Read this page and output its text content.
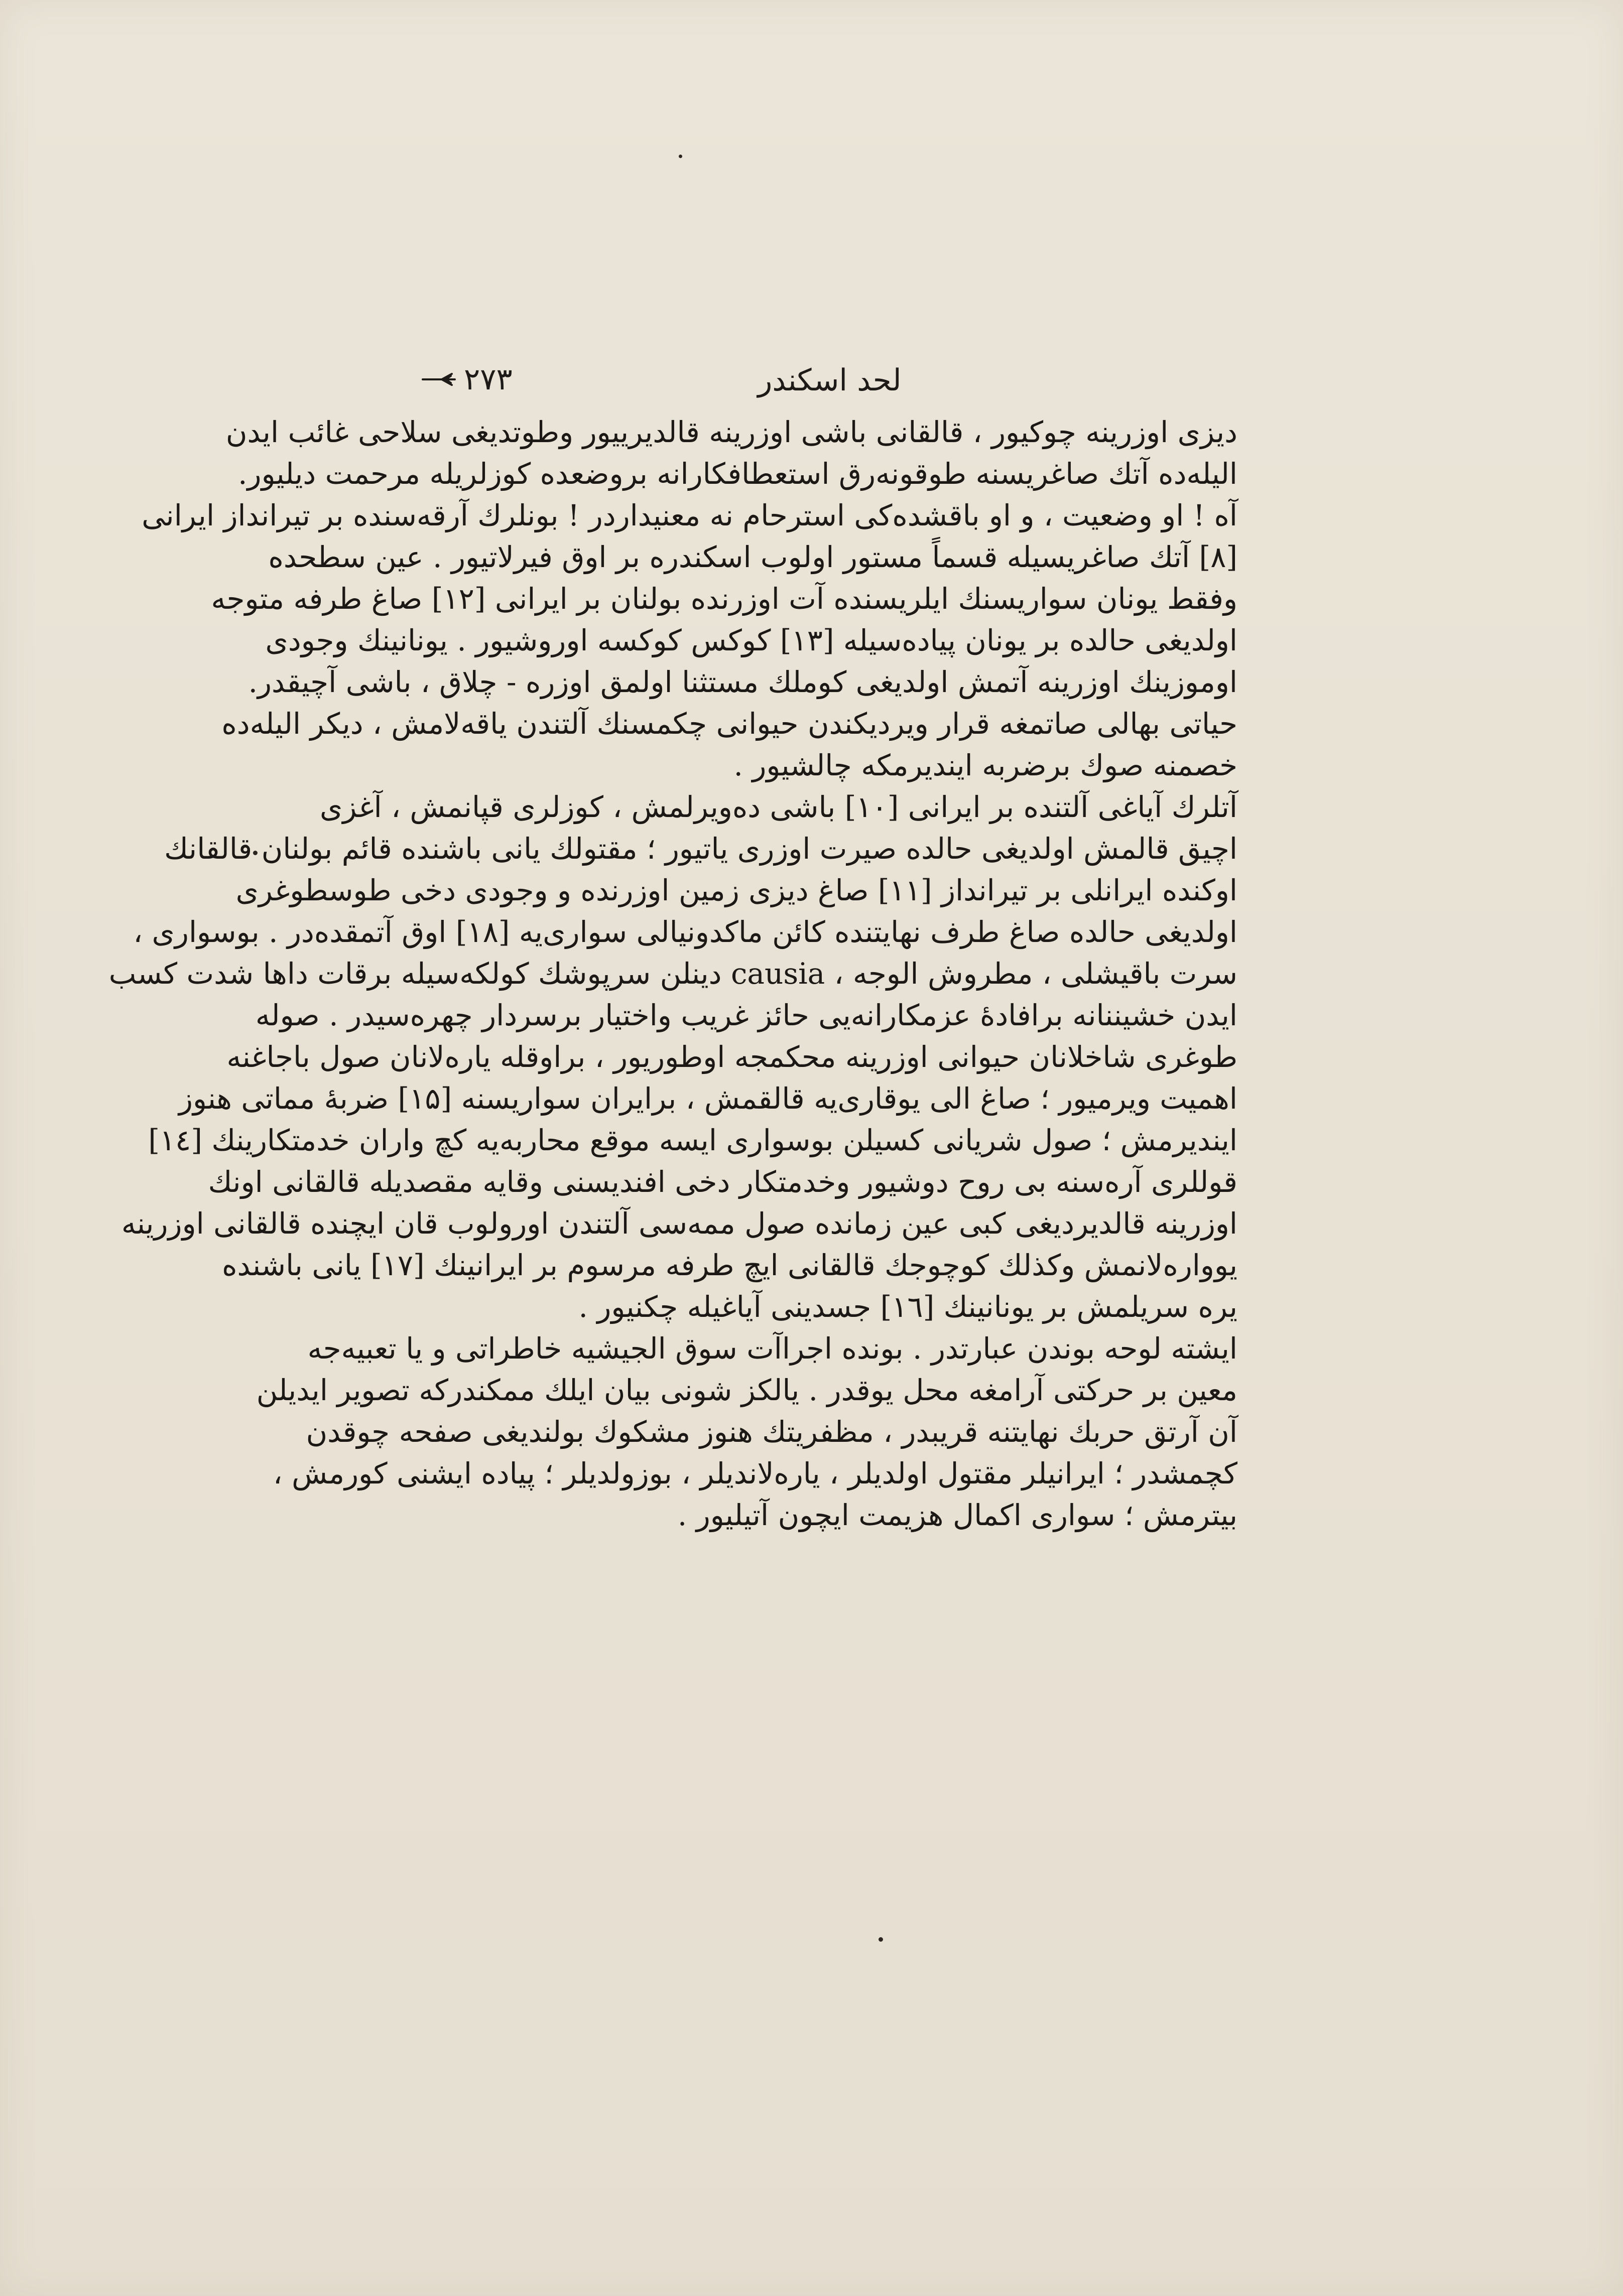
۲۷۳	لحد اسكندر
دیزی اوزرینه چوکیور ، قالقانی باشی اوزرینه قالدیرییور وطوتدیغی سلاحی غائب ایدن
الیله‌ده آتك صاغریسنه طوقونه‌رق استعطافكارانه بروضعده كوزلریله مرحمت دیلیور.
آه ! او وضعیت ، و او باقشده‌كی استرحام نه معنیداردر ! بونلرك آرقه‌سنده بر تیرانداز ایرانی
[۸] آتك صاغریسیله قسماً مستور اولوب اسكندره بر اوق فیرلاتیور . عین سطحده
وفقط یونان سواریسنك ایلریسنده آت اوزرنده بولنان بر ایرانی [۱۲] صاغ طرفه متوجه
اولدیغی حالده بر یونان پیاده‌سیله [۱۳] كوكس كوكسه اوروشیور . یونانینك وجودی
اوموزینك اوزرینه آتمش اولدیغی كوملك مستثنا اولمق اوزره - چلاق ، باشی آچیقدر.
حیاتی بهالی صاتمغه قرار ویردیكندن حیوانی چكمسنك آلتندن یاقه‌لامش ، دیكر الیله‌ده
خصمنه صوك برضربه ایندیرمكه چالشیور .
آتلرك آیاغی آلتنده بر ایرانی [۱۰] باشی ده‌ویرلمش ، كوزلری قپانمش ، آغزی
اچیق قالمش اولدیغی حالده صیرت اوزری یاتیور ؛ مقتولك یانی باشنده قائم بولنان قالقانك
اوكنده ایرانلی بر تیرانداز [۱۱] صاغ دیزی زمین اوزرنده و وجودی دخی طوسطوغری
اولدیغی حالده صاغ طرف نهایتنده كائن ماكدونیالی سواری‌یه [۱۸] اوق آتمقده‌در . بوسواری ،
سرت باقیشلی ، مطروش الوجه ، causia دینلن سرپوشك كولكه‌سیله برقات داها شدت كسب
ایدن خشیننانه برافادهٔ عزمكارانه‌یی حائز غریب واختیار برسردار چهره‌سیدر . صوله
طوغری شاخلانان حیوانی اوزرینه محكمجه اوطوریور ، براوقله یاره‌لانان صول باجاغنه
اهمیت ویرمیور ؛ صاغ الی یوقاری‌یه قالقمش ، برایران سواریسنه [۱۵] ضربهٔ مماتی هنوز
ایندیرمش ؛ صول شریانی كسیلن بوسواری ایسه موقع محاربه‌یه كچ واران خدمتكارینك [۱٤]
قوللری آره‌سنه بی روح دوشیور وخدمتكار دخی افندیسنی وقایه مقصدیله قالقانی اونك
اوزرینه قالدیردیغی كبی عین زمانده صول ممه‌سی آلتندن اورولوب قان ایچنده قالقانی اوزرینه
یوواره‌لانمش وكذلك كوچوجك قالقانی ایچ طرفه مرسوم بر ایرانینك [۱۷] یانی باشنده
یره سریلمش بر یونانینك [۱٦] جسدینی آیاغیله چكنیور .
ایشته لوحه بوندن عبارتدر . بونده اجراآت سوق الجیشیه خاطراتی و یا تعبیه‌جه
معین بر حركتی آرامغه محل یوقدر . یالكز شونی بیان ایلك ممكندركه تصویر ایدیلن
آن آرتق حربك نهایتنه قریبدر ، مظفریتك هنوز مشكوك بولندیغی صفحه چوقدن
كچمشدر ؛ ایرانیلر مقتول اولدیلر ، یاره‌لاندیلر ، بوزولدیلر ؛ پیاده ایشنی كورمش ،
بیترمش ؛ سواری اكمال هزیمت ایچون آتیلیور .
